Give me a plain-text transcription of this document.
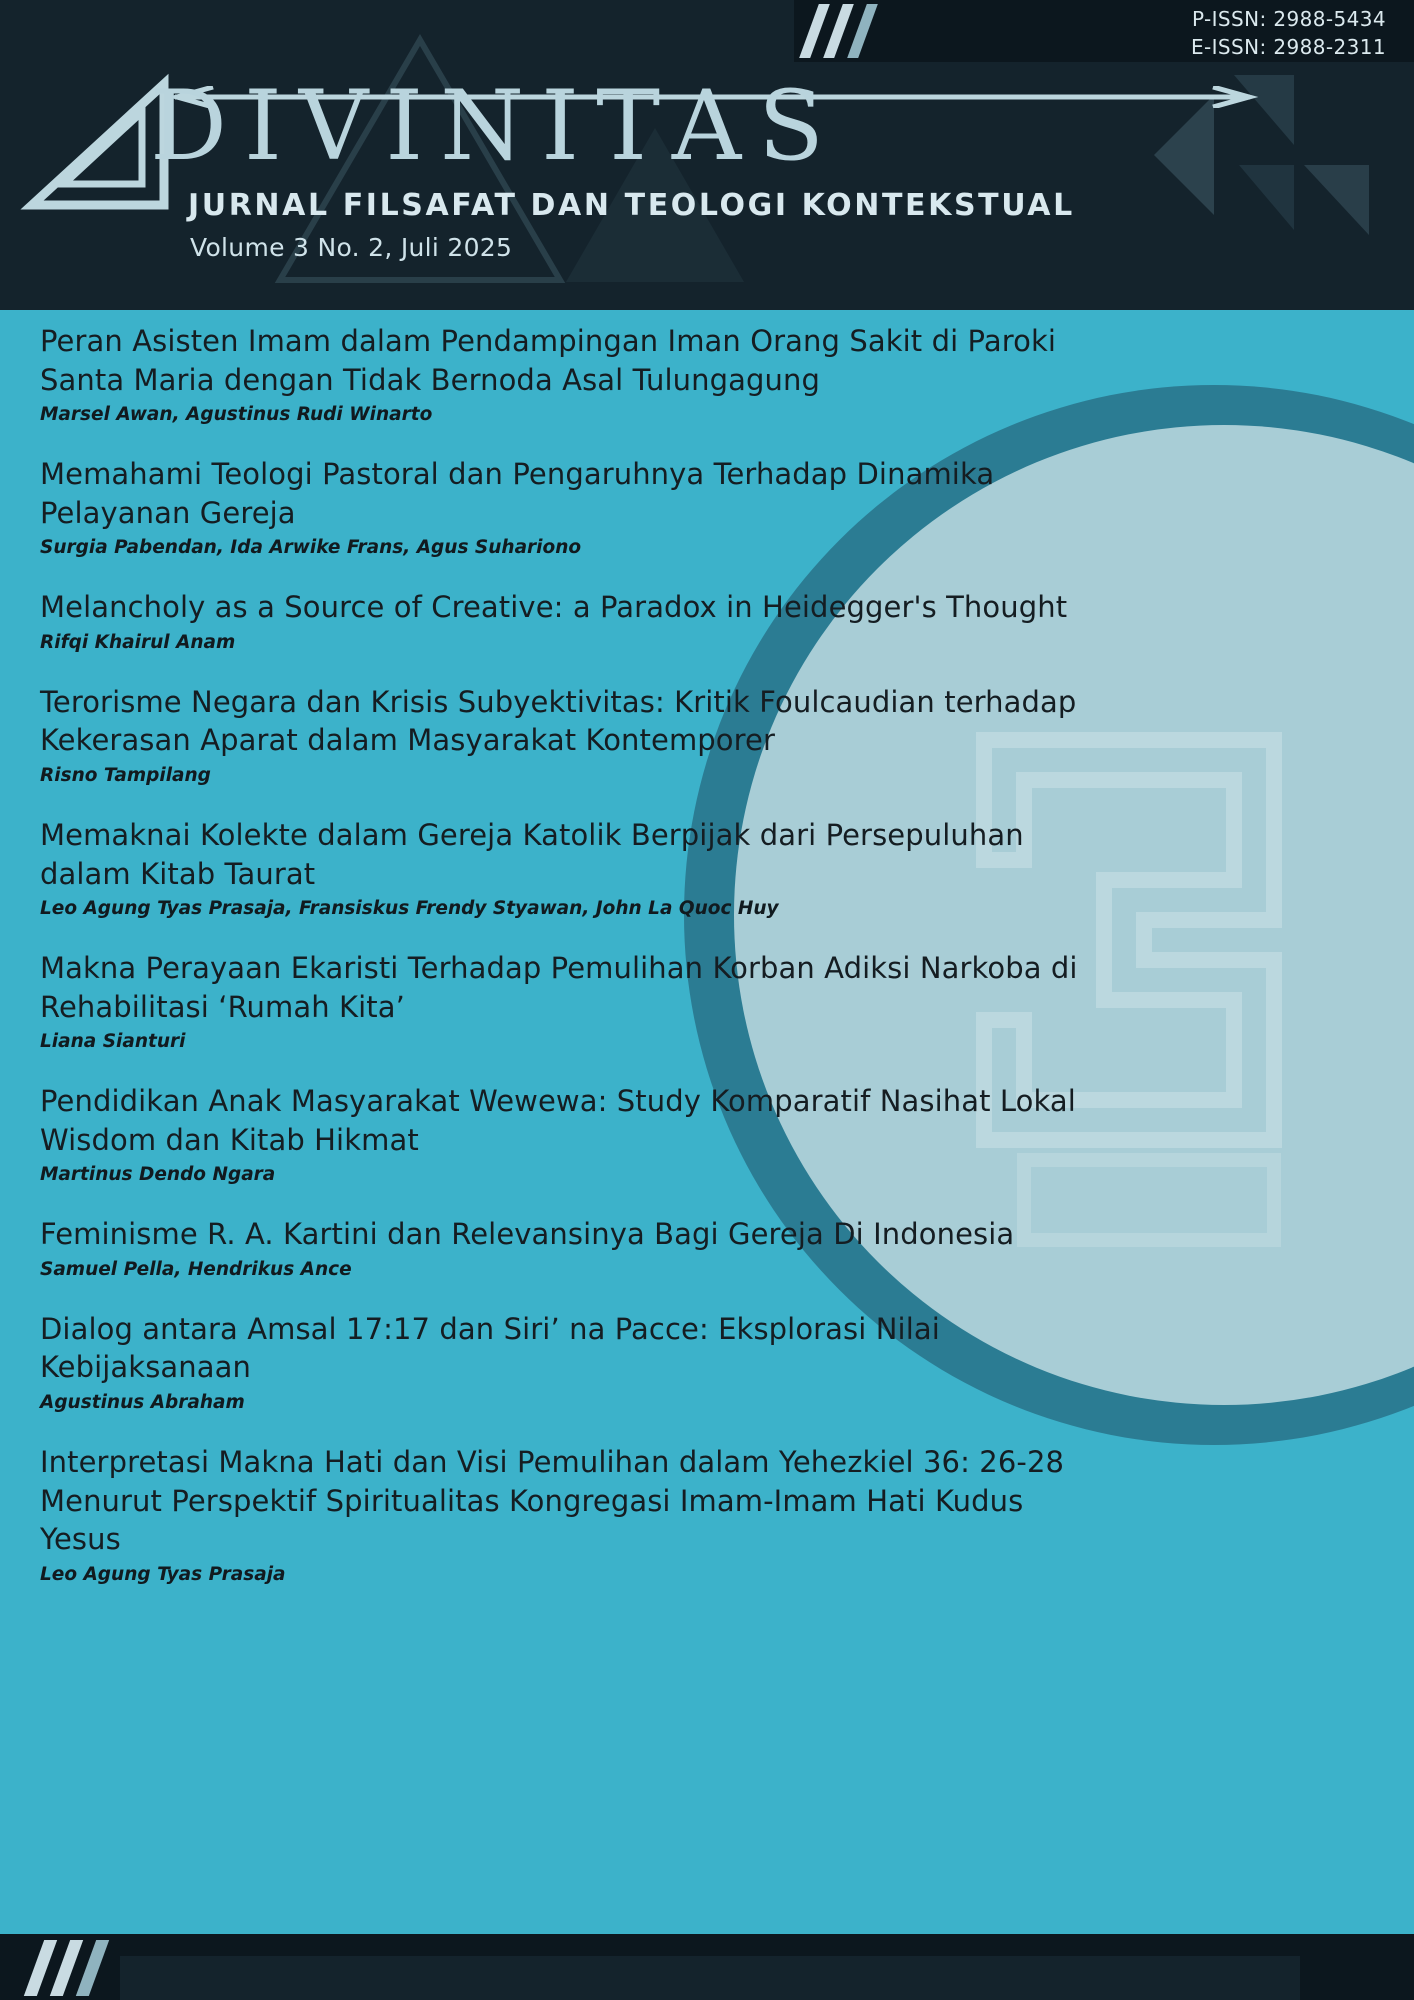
P-ISSN: 2988-5434
E-ISSN: 2988-2311
DIVINITAS
JURNAL FILSAFAT DAN TEOLOGI KONTEKSTUAL
Volume 3 No. 2, Juli 2025
Peran Asisten Imam dalam Pendampingan Iman Orang Sakit di Paroki Santa Maria dengan Tidak Bernoda Asal Tulungagung
Marsel Awan, Agustinus Rudi Winarto
Memahami Teologi Pastoral dan Pengaruhnya Terhadap Dinamika Pelayanan Gereja
Surgia Pabendan, Ida Arwike Frans, Agus Suhariono
Melancholy as a Source of Creative: a Paradox in Heidegger's Thought
Rifqi Khairul Anam
Terorisme Negara dan Krisis Subyektivitas: Kritik Foulcaudian terhadap Kekerasan Aparat dalam Masyarakat Kontemporer
Risno Tampilang
Memaknai Kolekte dalam Gereja Katolik Berpijak dari Persepuluhan dalam Kitab Taurat
Leo Agung Tyas Prasaja, Fransiskus Frendy Styawan, John La Quoc Huy
Makna Perayaan Ekaristi Terhadap Pemulihan Korban Adiksi Narkoba di Rehabilitasi ‘Rumah Kita’
Liana Sianturi
Pendidikan Anak Masyarakat Wewewa: Study Komparatif Nasihat Lokal Wisdom dan Kitab Hikmat
Martinus Dendo Ngara
Feminisme R. A. Kartini dan Relevansinya Bagi Gereja Di Indonesia
Samuel Pella, Hendrikus Ance
Dialog antara Amsal 17:17 dan Siri’ na Pacce: Eksplorasi Nilai Kebijaksanaan
Agustinus Abraham
Interpretasi Makna Hati dan Visi Pemulihan dalam Yehezkiel 36: 26-28 Menurut Perspektif Spiritualitas Kongregasi Imam-Imam Hati Kudus Yesus
Leo Agung Tyas Prasaja
